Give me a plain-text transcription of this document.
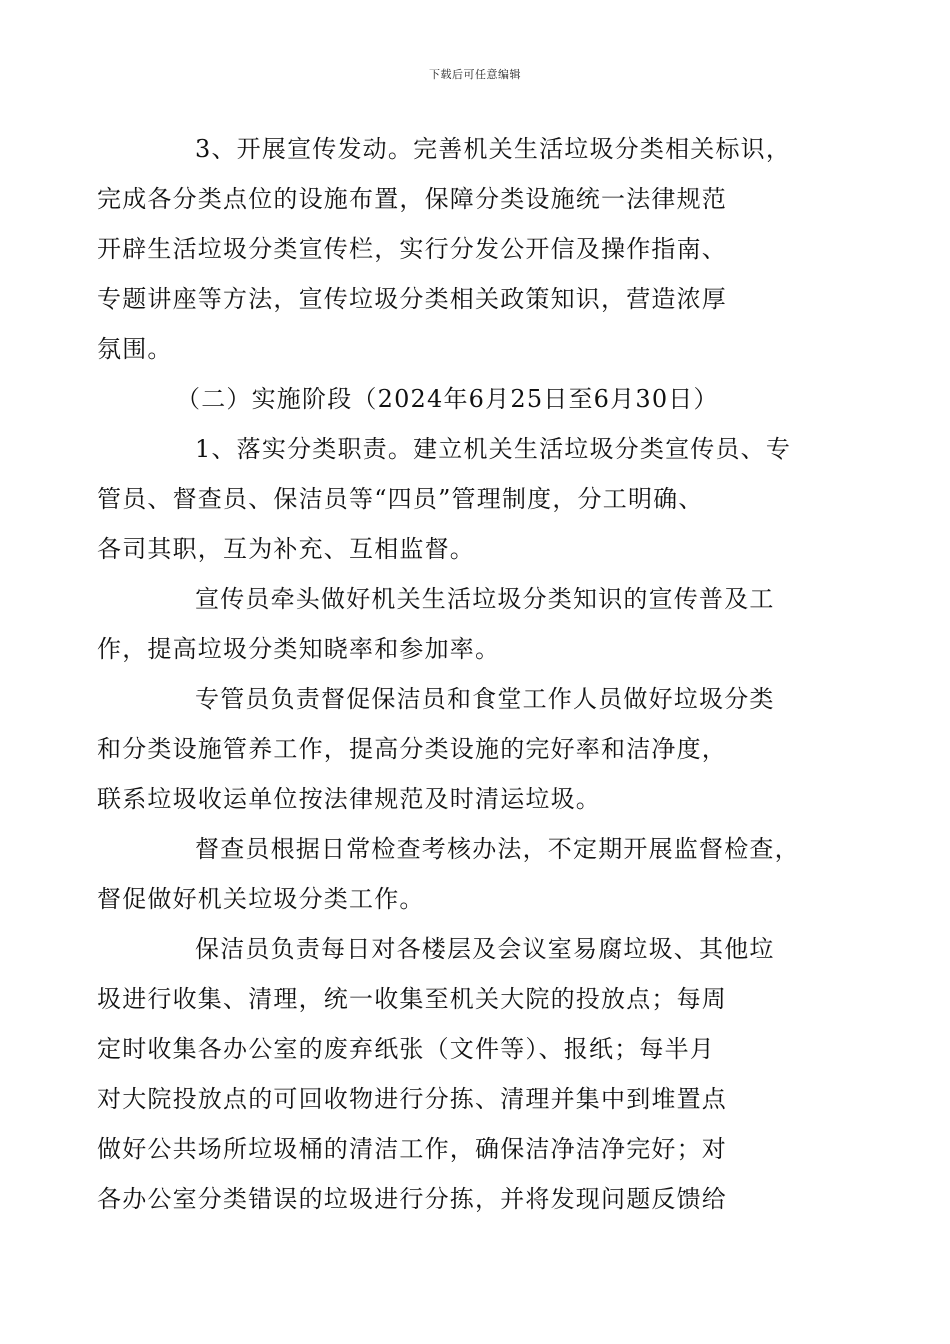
下载后可任意编辑

3、开展宣传发动。完善机关生活垃圾分类相关标识，
完成各分类点位的设施布置，保障分类设施统一法律规范
开辟生活垃圾分类宣传栏，实行分发公开信及操作指南、
专题讲座等方法，宣传垃圾分类相关政策知识，营造浓厚
氛围。

（二）实施阶段（2024年6月25日至6月30日）

1、落实分类职责。建立机关生活垃圾分类宣传员、专
管员、督查员、保洁员等“四员”管理制度，分工明确、
各司其职，互为补充、互相监督。

宣传员牵头做好机关生活垃圾分类知识的宣传普及工
作，提高垃圾分类知晓率和参加率。

专管员负责督促保洁员和食堂工作人员做好垃圾分类
和分类设施管养工作，提高分类设施的完好率和洁净度，
联系垃圾收运单位按法律规范及时清运垃圾。

督查员根据日常检查考核办法，不定期开展监督检查，
督促做好机关垃圾分类工作。

保洁员负责每日对各楼层及会议室易腐垃圾、其他垃
圾进行收集、清理，统一收集至机关大院的投放点；每周
定时收集各办公室的废弃纸张（文件等）、报纸；每半月
对大院投放点的可回收物进行分拣、清理并集中到堆置点
做好公共场所垃圾桶的清洁工作，确保洁净洁净完好；对
各办公室分类错误的垃圾进行分拣，并将发现问题反馈给
